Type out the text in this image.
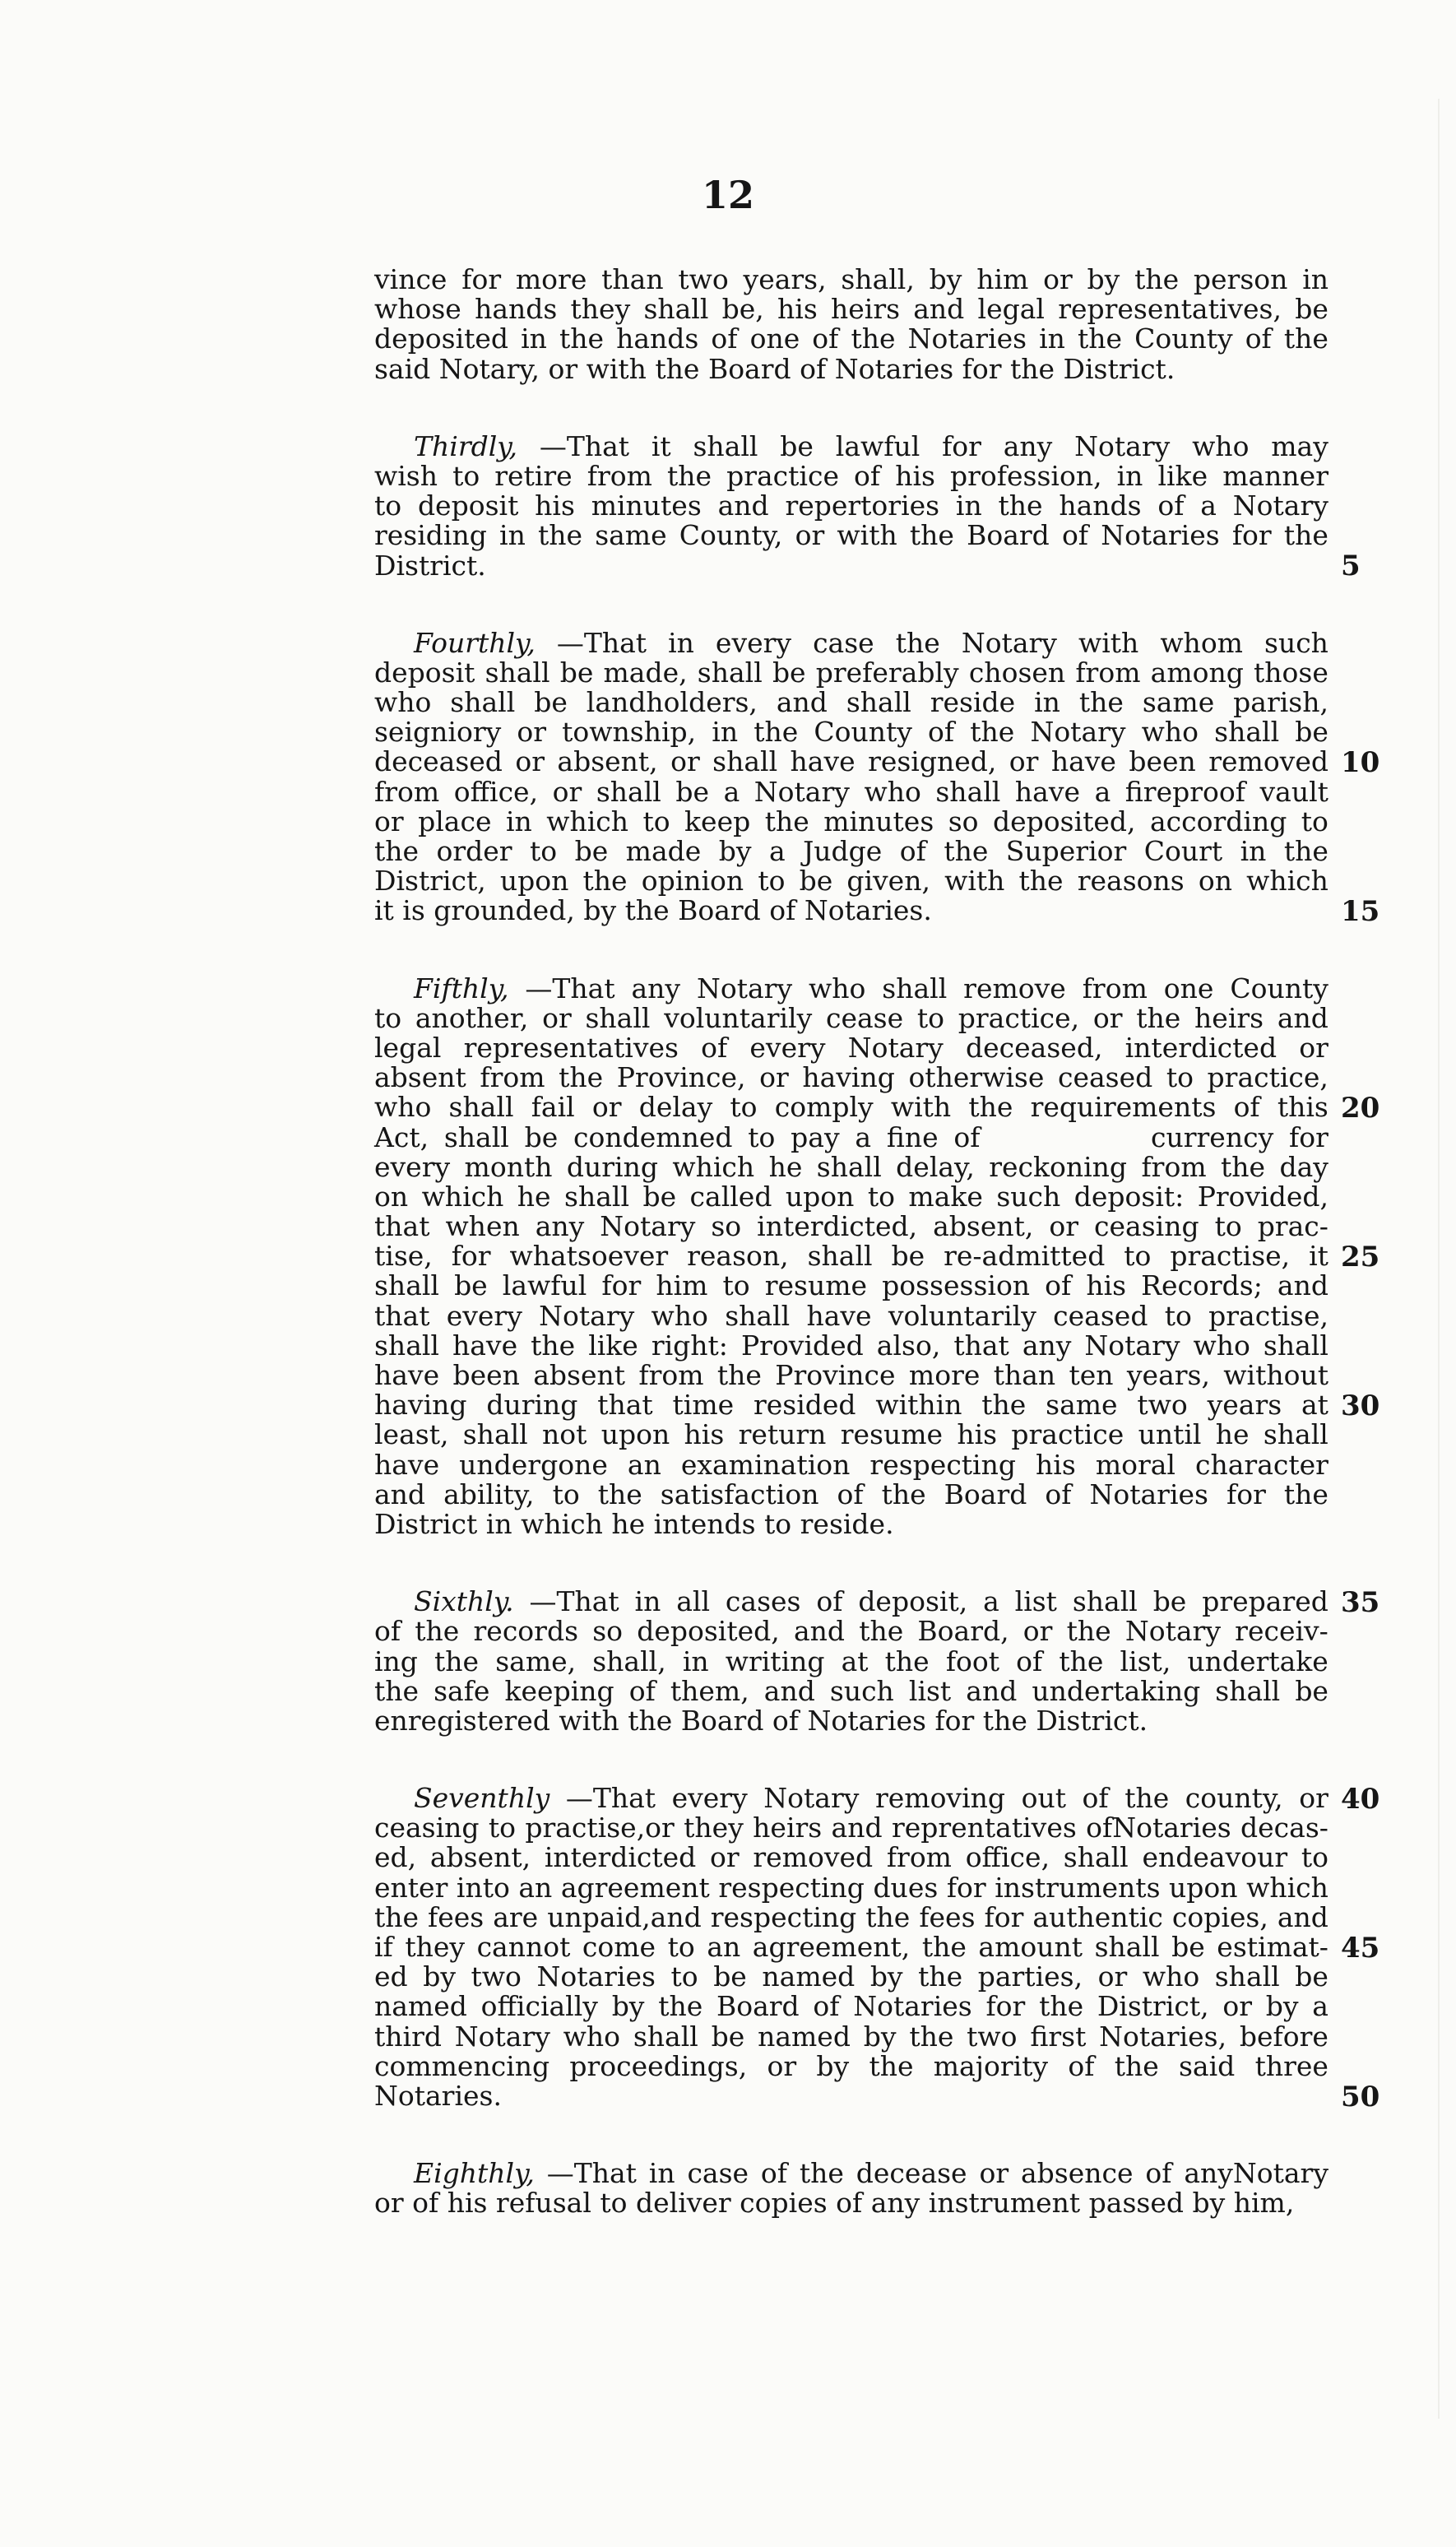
12
vince for more than two years, shall, by him or by the person in
whose hands they shall be, his heirs and legal representatives, be
deposited in the hands of one of the Notaries in the County of the
said Notary, or with the Board of Notaries for the District.
Thirdly, —That it shall be lawful for any Notary who may
wish to retire from the practice of his profession, in like manner
to deposit his minutes and repertories in the hands of a Notary
residing in the same County, or with the Board of Notaries for the
District.
Fourthly, —That in every case the Notary with whom such
deposit shall be made, shall be preferably chosen from among those
who shall be landholders, and shall reside in the same parish,
seigniory or township, in the County of the Notary who shall be
deceased or absent, or shall have resigned, or have been removed
from office, or shall be a Notary who shall have a fireproof vault
or place in which to keep the minutes so deposited, according to
the order to be made by a Judge of the Superior Court in the
District, upon the opinion to be given, with the reasons on which
it is grounded, by the Board of Notaries.
Fifthly, —That any Notary who shall remove from one County
to another, or shall voluntarily cease to practice, or the heirs and
legal representatives of every Notary deceased, interdicted or
absent from the Province, or having otherwise ceased to practice,
who shall fail or delay to comply with the requirements of this
Act, shall be condemned to pay a fine of	currency for
every month during which he shall delay, reckoning from the day
on which he shall be called upon to make such deposit: Provided,
that when any Notary so interdicted, absent, or ceasing to prac-
tise, for whatsoever reason, shall be re-admitted to practise, it
shall be lawful for him to resume possession of his Records; and
that every Notary who shall have voluntarily ceased to practise,
shall have the like right: Provided also, that any Notary who shall
have been absent from the Province more than ten years, without
having during that time resided within the same two years at
least, shall not upon his return resume his practice until he shall
have undergone an examination respecting his moral character
and ability, to the satisfaction of the Board of Notaries for the
District in which he intends to reside.
Sixthly. —That in all cases of deposit, a list shall be prepared
of the records so deposited, and the Board, or the Notary receiv-
ing the same, shall, in writing at the foot of the list, undertake
the safe keeping of them, and such list and undertaking shall be
enregistered with the Board of Notaries for the District.
Seventhly —That every Notary removing out of the county, or
ceasing to practise,or they heirs and reprentatives ofNotaries decas-
ed, absent, interdicted or removed from office, shall endeavour to
enter into an agreement respecting dues for instruments upon which
the fees are unpaid,and respecting the fees for authentic copies, and
if they cannot come to an agreement, the amount shall be estimat-
ed by two Notaries to be named by the parties, or who shall be
named officially by the Board of Notaries for the District, or by a
third Notary who shall be named by the two first Notaries, before
commencing proceedings, or by the majority of the said three
Notaries.
Eighthly, —That in case of the decease or absence of anyNotary
or of his refusal to deliver copies of any instrument passed by him,
5
10
15
20
25
30
35
40
45
50
